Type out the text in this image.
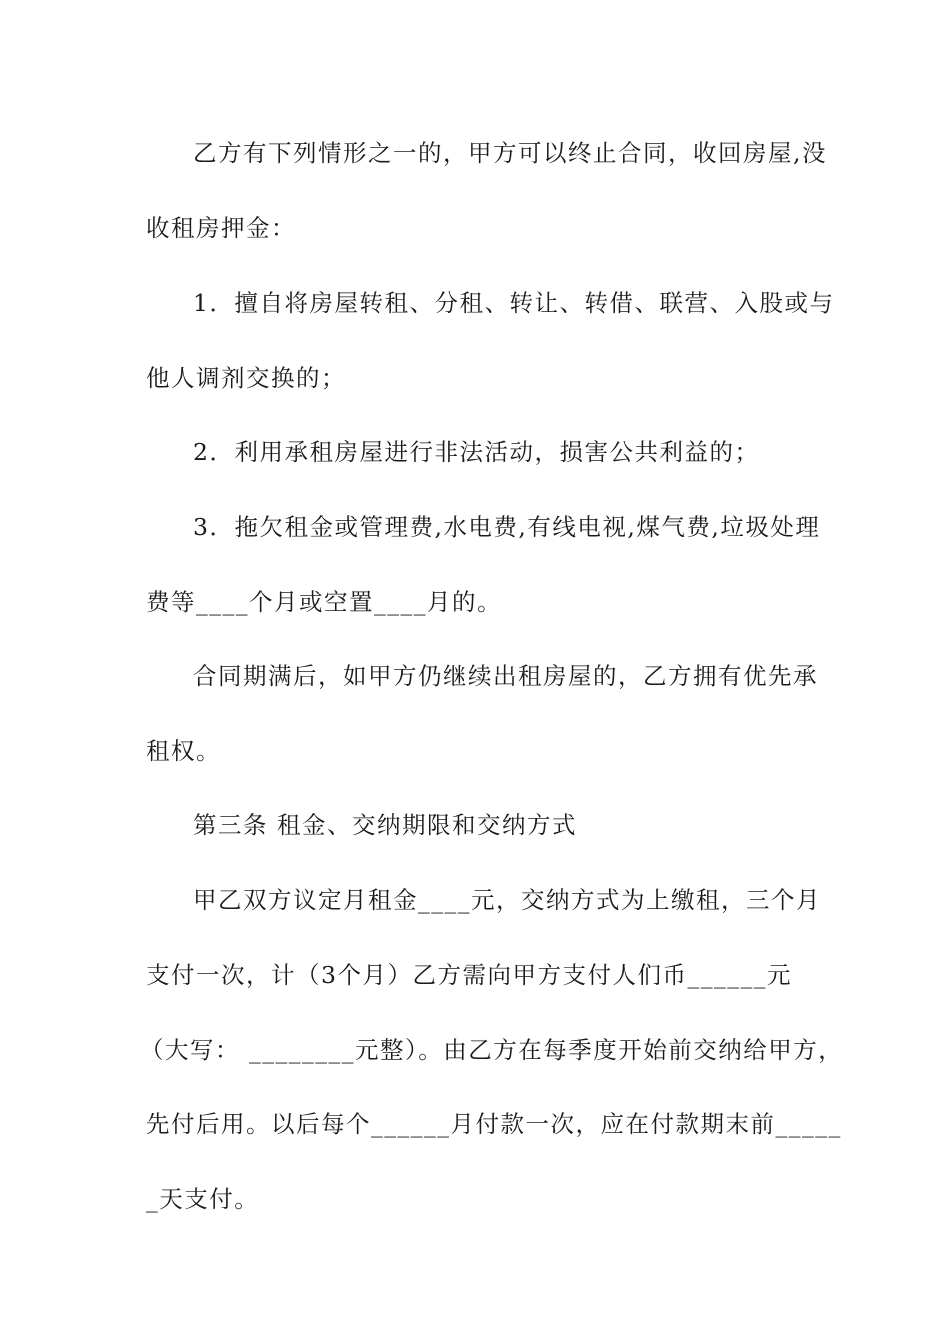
乙方有下列情形之一的，甲方可以终止合同，收回房屋,没
收租房押金：
1．擅自将房屋转租、分租、转让、转借、联营、入股或与
他人调剂交换的；
2．利用承租房屋进行非法活动，损害公共利益的；
3．拖欠租金或管理费,水电费,有线电视,煤气费,垃圾处理
费等____个月或空置____月的。
合同期满后，如甲方仍继续出租房屋的，乙方拥有优先承
租权。
第三条 租金、交纳期限和交纳方式
甲乙双方议定月租金____元，交纳方式为上缴租，三个月
支付一次，计（3个月）乙方需向甲方支付人们币______元
（大写： ________元整）。由乙方在每季度开始前交纳给甲方，
先付后用。以后每个______月付款一次，应在付款期末前_____
_天支付。
